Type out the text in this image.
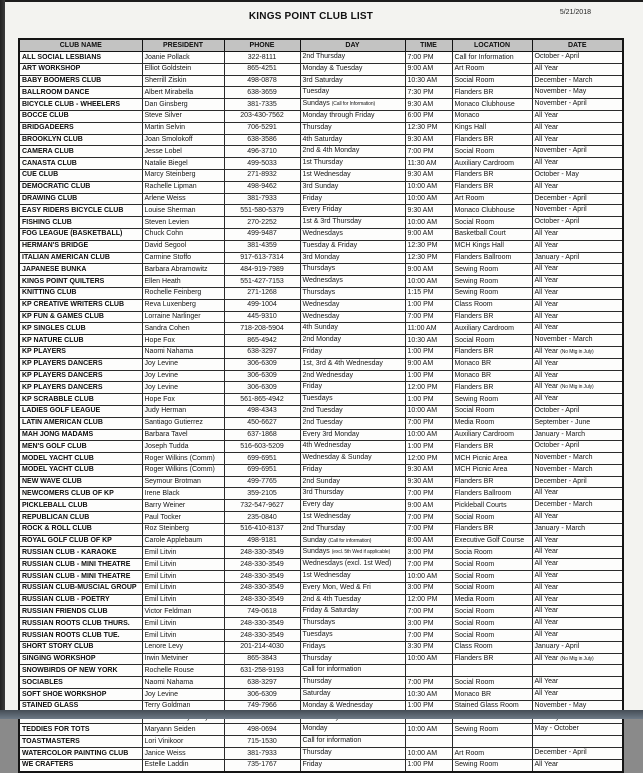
KINGS POINT CLUB LIST	5/21/2018
CLUB NAME	PRESIDENT	PHONE	DAY	TIME	LOCATION	DATE
ALL SOCIAL LESBIANS	Joanie Pollack	322-8111	2nd Thursday	7:00 PM	Call for Information	October - April
ART WORKSHOP	Elliot Goldstein	865-4251	Monday & Tuesday	9:00 AM	Art Room	All Year
BABY BOOMERS CLUB	Sherrill Ziskin	498-0878	3rd Saturday	10:30 AM	Social Room	December - March
BALLROOM DANCE	Albert Mirabella	638-3659	Tuesday	7:30 PM	Flanders BR	November - May
BICYCLE CLUB - WHEELERS	Dan Ginsberg	381-7335	Sundays (Call for Information)	9:30 AM	Monaco Clubhouse	November - April
BOCCE CLUB	Steve Silver	203-430-7562	Monday through Friday	6:00 PM	Monaco	All Year
BRIDGADEERS	Martin Selvin	706-5291	Thursday	12:30 PM	Kings Hall	All Year
BROOKLYN CLUB	Joan Smolokoff	638-3586	4th Saturday	9:30 AM	Flanders BR	All Year
CAMERA CLUB	Jesse Lobel	496-3710	2nd & 4th Monday	7:00 PM	Social Room	November - April
CANASTA CLUB	Natalie Biegel	499-5033	1st Thursday	11:30 AM	Auxiliary Cardroom	All Year
CUE CLUB	Marcy Steinberg	271-8932	1st Wednesday	9:30 AM	Flanders BR	October - May
DEMOCRATIC CLUB	Rachelle Lipman	498-9462	3rd Sunday	10:00 AM	Flanders BR	All Year
DRAWING CLUB	Arlene Weiss	381-7933	Friday	10:00 AM	Art Room	December - April
EASY RIDERS BICYCLE CLUB	Louise Sherman	551-580-5379	Every Friday	9:30 AM	Monaco Clubhouse	November - April
FISHING CLUB	Steven Levien	270-2252	1st & 3rd Thursday	10:00 AM	Social Room	October - April
FOG LEAGUE (BASKETBALL)	Chuck Cohn	499-9487	Wednesdays	9:00 AM	Basketball Court	All Year
HERMAN'S BRIDGE	David Segool	381-4359	Tuesday & Friday	12:30 PM	MCH Kings Hall	All Year
ITALIAN AMERICAN CLUB	Carmine Stoffo	917-613-7314	3rd Monday	12:30 PM	Flanders Ballroom	January - April
JAPANESE BUNKA	Barbara Abramowitz	484-919-7989	Thursdays	9:00 AM	Sewing Room	All Year
KINGS POINT QUILTERS	Ellen Heath	551-427-7153	Wednesdays	10:00 AM	Sewing Room	All Year
KNITTING CLUB	Rochelle Feinberg	271-1268	Thursdays	1:15 PM	Sewing Room	All Year
KP CREATIVE WRITERS CLUB	Reva Luxenberg	499-1004	Wednesday	1:00 PM	Class Room	All Year
KP FUN & GAMES CLUB	Lorraine Narlinger	445-9310	Wednesday	7:00 PM	Flanders BR	All Year
KP SINGLES CLUB	Sandra Cohen	718-208-5904	4th Sunday	11:00 AM	Auxiliary Cardroom	All Year
KP NATURE CLUB	Hope Fox	865-4942	2nd Monday	10:30 AM	Social Room	November - March
KP PLAYERS	Naomi Nahama	638-3297	Friday	1:00 PM	Flanders BR	All Year (No Mtg in July)
KP PLAYERS DANCERS	Joy Levine	306-6309	1st, 3rd & 4th Wednesday	9:00 AM	Monaco BR	All Year
KP PLAYERS DANCERS	Joy Levine	306-6309	2nd Wednesday	1:00 PM	Monaco BR	All Year
KP PLAYERS DANCERS	Joy Levine	306-6309	Friday	12:00 PM	Flanders BR	All Year (No Mtg in July)
KP SCRABBLE CLUB	Hope Fox	561-865-4942	Tuesdays	1:00 PM	Sewing Room	All Year
LADIES GOLF LEAGUE	Judy Herman	498-4343	2nd Tuesday	10:00 AM	Social Room	October - April
LATIN AMERICAN CLUB	Santiago Gutierrez	450-6627	2nd Tuesday	7:00 PM	Media Room	September - June
MAH JONG MADAMS	Barbara Tavel	637-1868	Every 3rd Monday	10:00 AM	Auxiliary Cardroom	January - March
MEN'S GOLF CLUB	Joseph Tudda	516-603-5209	4th Wednesday	1:00 PM	Flanders BR	October - April
MODEL YACHT CLUB	Roger Wilkins (Comm)	699-6951	Wednesday & Sunday	12:00 PM	MCH Picnic Area	November - March
MODEL YACHT CLUB	Roger Wilkins (Comm)	699-6951	Friday	9:30 AM	MCH Picnic Area	November - March
NEW WAVE CLUB	Seymour Brotman	499-7765	2nd Sunday	9:30 AM	Flanders BR	December - April
NEWCOMERS CLUB OF KP	Irene Black	359-2105	3rd Thursday	7:00 PM	Flanders Ballroom	All Year
PICKLEBALL CLUB	Barry Weiner	732-547-9627	Every day	9:00 AM	Pickleball Courts	December - March
REPUBLICAN CLUB	Paul Tocker	235-0840	1st Wednesday	7:00 PM	Social Room	All Year
ROCK & ROLL CLUB	Roz Steinberg	516-410-8137	2nd Thursday	7:00 PM	Flanders BR	January - March
ROYAL GOLF CLUB OF KP	Carole Applebaum	498-9181	Sunday (Call for information)	8:00 AM	Executive Golf Course	All Year
RUSSIAN CLUB - KARAOKE	Emil Litvin	248-330-3549	Sundays (excl. 5th Wed if applicable)	3:00 PM	Socia Room	All Year
RUSSIAN CLUB - MINI THEATRE	Emil Litvin	248-330-3549	Wednesdays (excl. 1st Wed)	7:00 PM	Social Room	All Year
RUSSIAN CLUB - MINI THEATRE	Emil Litvin	248-330-3549	1st Wednesday	10:00 AM	Social Room	All Year
RUSSIAN CLUB-MUSCIAL GROUP	Emil Litvin	248-330-3549	Every Mon, Wed & Fri	3:00 PM	Social Room	All Year
RUSSIAN CLUB - POETRY	Emil Litvin	248-330-3549	2nd & 4th Tuesday	12:00 PM	Media Room	All Year
RUSSIAN FRIENDS CLUB	Victor Feldman	749-0618	Friday & Saturday	7:00 PM	Social Room	All Year
RUSSIAN ROOTS CLUB THURS.	Emil Litvin	248-330-3549	Thursdays	3:00 PM	Social Room	All Year
RUSSIAN ROOTS CLUB TUE.	Emil Litvin	248-330-3549	Tuesdays	7:00 PM	Social Room	All Year
SHORT STORY CLUB	Lenore Levy	201-214-4030	Fridays	3:30 PM	Class Room	January - April
SINGING WORKSHOP	Irwin Metviner	865-3843	Thursday	10:00 AM	Flanders BR	All Year (No Mtg in July)
SNOWBIRDS OF NEW YORK	Rochelle Rouse	631-258-9193	Call for information			
SOCIABLES	Naomi Nahama	638-3297	Thursday	7:00 PM	Social Room	All Year
SOFT SHOE WORKSHOP	Joy Levine	306-6309	Saturday	10:30 AM	Monaco BR	All Year
STAINED GLASS	Terry Goldman	749-7966	Monday & Wednesday	1:00 PM	Stained Glass Room	November - May

TEDDIES FOR TOTS	Maryann Seiden	498-0694	Monday	10:00 AM	Sewing Room	May - October
TOASTMASTERS	Lori Vinikoor	715-1530	Call for information			
WATERCOLOR PAINTING CLUB	Janice Weiss	381-7933	Thursday	10:00 AM	Art Room	December - April
WE CRAFTERS	Estelle Laddin	735-1767	Friday	1:00 PM	Sewing Room	All Year
